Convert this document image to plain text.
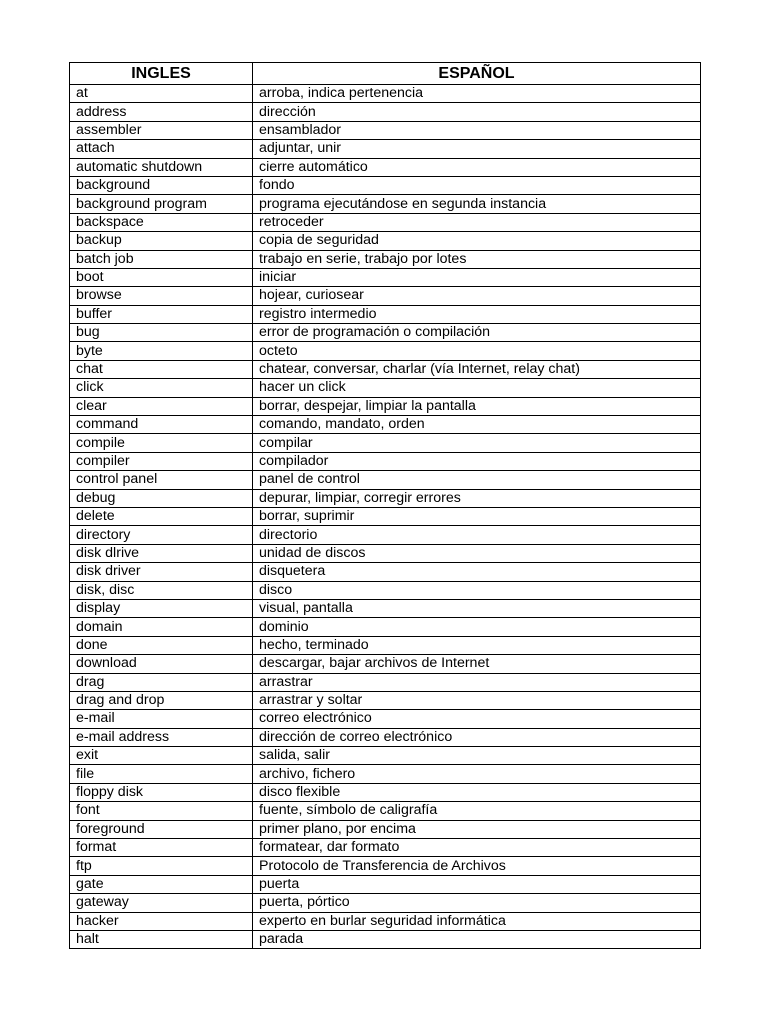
INGLES	ESPAÑOL
at	arroba, indica pertenencia
address	dirección
assembler	ensamblador
attach	adjuntar, unir
automatic shutdown	cierre automático
background	fondo
background program	programa ejecutándose en segunda instancia
backspace	retroceder
backup	copia de seguridad
batch job	trabajo en serie, trabajo por lotes
boot	iniciar
browse	hojear, curiosear
buffer	registro intermedio
bug	error de programación o compilación
byte	octeto
chat	chatear, conversar, charlar (vía Internet, relay chat)
click	hacer un click
clear	borrar, despejar, limpiar la pantalla
command	comando, mandato, orden
compile	compilar
compiler	compilador
control panel	panel de control
debug	depurar, limpiar, corregir errores
delete	borrar, suprimir
directory	directorio
disk dlrive	unidad de discos
disk driver	disquetera
disk, disc	disco
display	visual, pantalla
domain	dominio
done	hecho, terminado
download	descargar, bajar archivos de Internet
drag	arrastrar
drag and drop	arrastrar y soltar
e-mail	correo electrónico
e-mail address	dirección de correo electrónico
exit	salida, salir
file	archivo, fichero
floppy disk	disco flexible
font	fuente, símbolo de caligrafía
foreground	primer plano, por encima
format	formatear, dar formato
ftp	Protocolo de Transferencia de Archivos
gate	puerta
gateway	puerta, pórtico
hacker	experto en burlar seguridad informática
halt	parada
